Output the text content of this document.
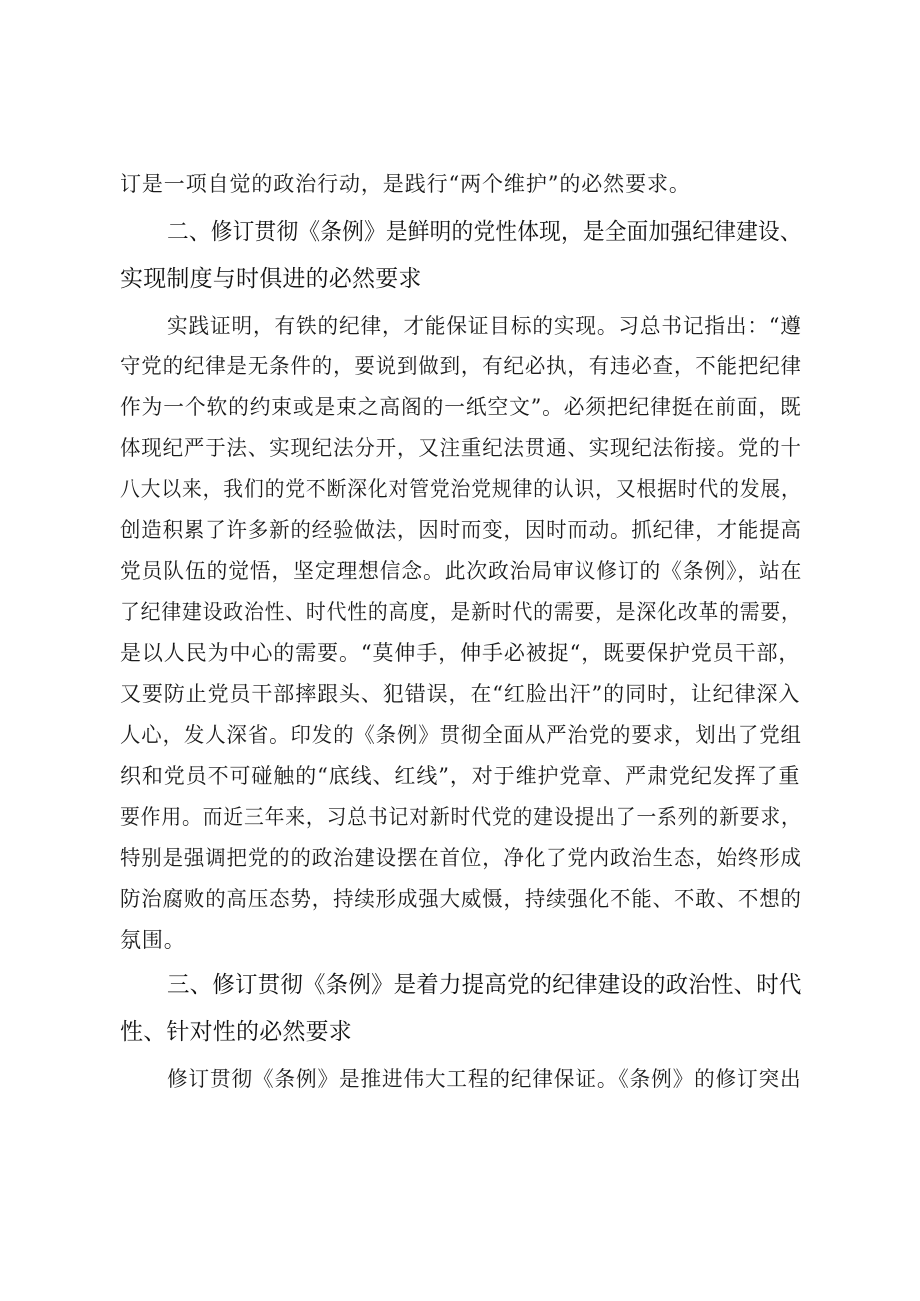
订是一项自觉的政治行动，是践行“两个维护”的必然要求。
二、修订贯彻《条例》是鲜明的党性体现，是全面加强纪律建设、
实现制度与时俱进的必然要求
实践证明，有铁的纪律，才能保证目标的实现。习总书记指出：“遵
守党的纪律是无条件的，要说到做到，有纪必执，有违必查，不能把纪律
作为一个软的约束或是束之高阁的一纸空文”。必须把纪律挺在前面，既
体现纪严于法、实现纪法分开，又注重纪法贯通、实现纪法衔接。党的十
八大以来，我们的党不断深化对管党治党规律的认识，又根据时代的发展，
创造积累了许多新的经验做法，因时而变，因时而动。抓纪律，才能提高
党员队伍的觉悟，坚定理想信念。此次政治局审议修订的《条例》，站在
了纪律建设政治性、时代性的高度，是新时代的需要，是深化改革的需要，
是以人民为中心的需要。“莫伸手，伸手必被捉“，既要保护党员干部，
又要防止党员干部摔跟头、犯错误，在“红脸出汗”的同时，让纪律深入
人心，发人深省。印发的《条例》贯彻全面从严治党的要求，划出了党组
织和党员不可碰触的“底线、红线”，对于维护党章、严肃党纪发挥了重
要作用。而近三年来，习总书记对新时代党的建设提出了一系列的新要求，
特别是强调把党的的政治建设摆在首位，净化了党内政治生态，始终形成
防治腐败的高压态势，持续形成强大威慑，持续强化不能、不敢、不想的
氛围。
三、修订贯彻《条例》是着力提高党的纪律建设的政治性、时代
性、针对性的必然要求
修订贯彻《条例》是推进伟大工程的纪律保证。《条例》的修订突出
